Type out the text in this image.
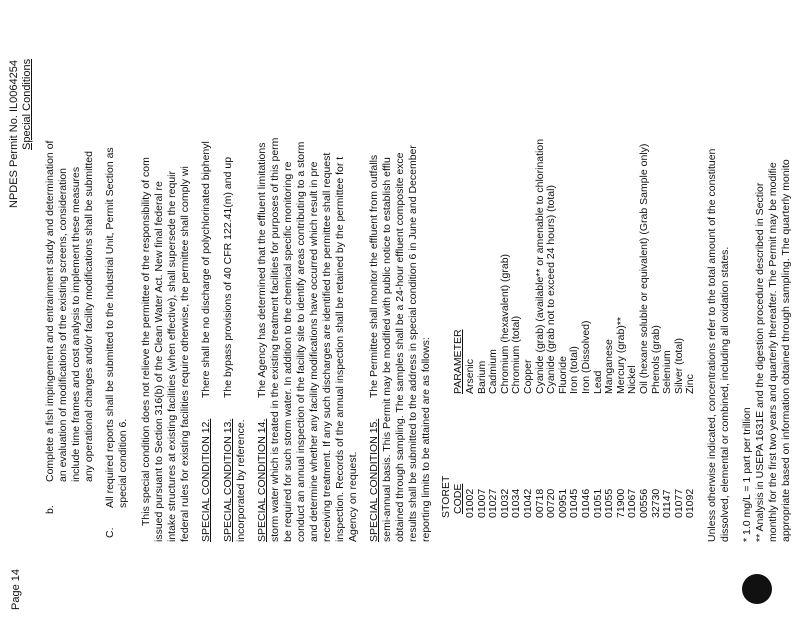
Page 14
NPDES Permit No. IL0064254 Special Conditions
b.
Complete a fish impingement and entrainment study and determination of an evaluation of modifications of the existing screens, consideration include time frames and cost analysis to implement these measures any operational changes and/or facility modifications shall be submitted
C.
All required reports shall be submitted to the Industrial Unit, Permit Section as special condition 6. This special condition does not relieve the permittee of the responsibility of com issued pursuant to Section 316(b) of the Clean Water Act. New final federal re intake structures at existing facilities (when effective), shall supersede the requir federal rules for existing facilities require otherwise, the permittee shall comply wi SPECIAL CONDITION 12.
There shall be no discharge of polychlorinated biphenyl
SPECIAL CONDITION 13.
The bypass provisions of 40 CFR 122.41(m) and up
incorporated by reference. SPECIAL CONDITION 14.
The Agency has determined that the effluent limitations storm water which is treated in the existing treatment facilities for purposes of this perm be required for such storm water. In addition to the chemical specific monitoring re conduct an annual inspection of the facility site to identify areas contributing to a storm and determine whether any facility modifications have occurred which result in pre receiving treatment. If any such discharges are identified the permittee shall request inspection. Records of the annual inspection shall be retained by the permittee for t Agency on request. SPECIAL CONDITION 15.
The Permittee shall monitor the effluent from outfalls semi-annual basis. This Permit may be modified with public notice to establish efflu obtained through sampling. The samples shall be a 24-hour effluent composite exce results shall be submitted to the address in special condition 6 in June and December reporting limits to be attained are as follows: STORET CODE
PARAMETER
01002
Arsenic
01007
Barium
01027
Cadmium
01032
Chromium (hexavalent) (grab)
01034
Chromium (total)
01042
Copper
00718
Cyanide (grab) (available** or amenable to chlorination
00720
Cyanide (grab not to exceed 24 hours) (total)
00951
Fluoride
01045
Iron (total)
01046
Iron (Dissolved)
01051
Lead
01055
Manganese
71900
Mercury (grab)**
01067
Nickel
00556
Oil (hexane soluble or equivalent) (Grab Sample only)
32730
Phenols (grab)
01147
Selenium
01077
Silver (total)
01092
Zinc Unless otherwise indicated, concentrations refer to the total amount of the constituen dissolved, elemental or combined, including all oxidation states. * 1.0 mg/L = 1 part per trillion ** Analysis in USEPA 1631E and the digestion procedure described in Sectior monthly for the first two years and quarterly thereafter. The Permit may be modifie appropriate based on information obtained through sampling. The quarterly monito
